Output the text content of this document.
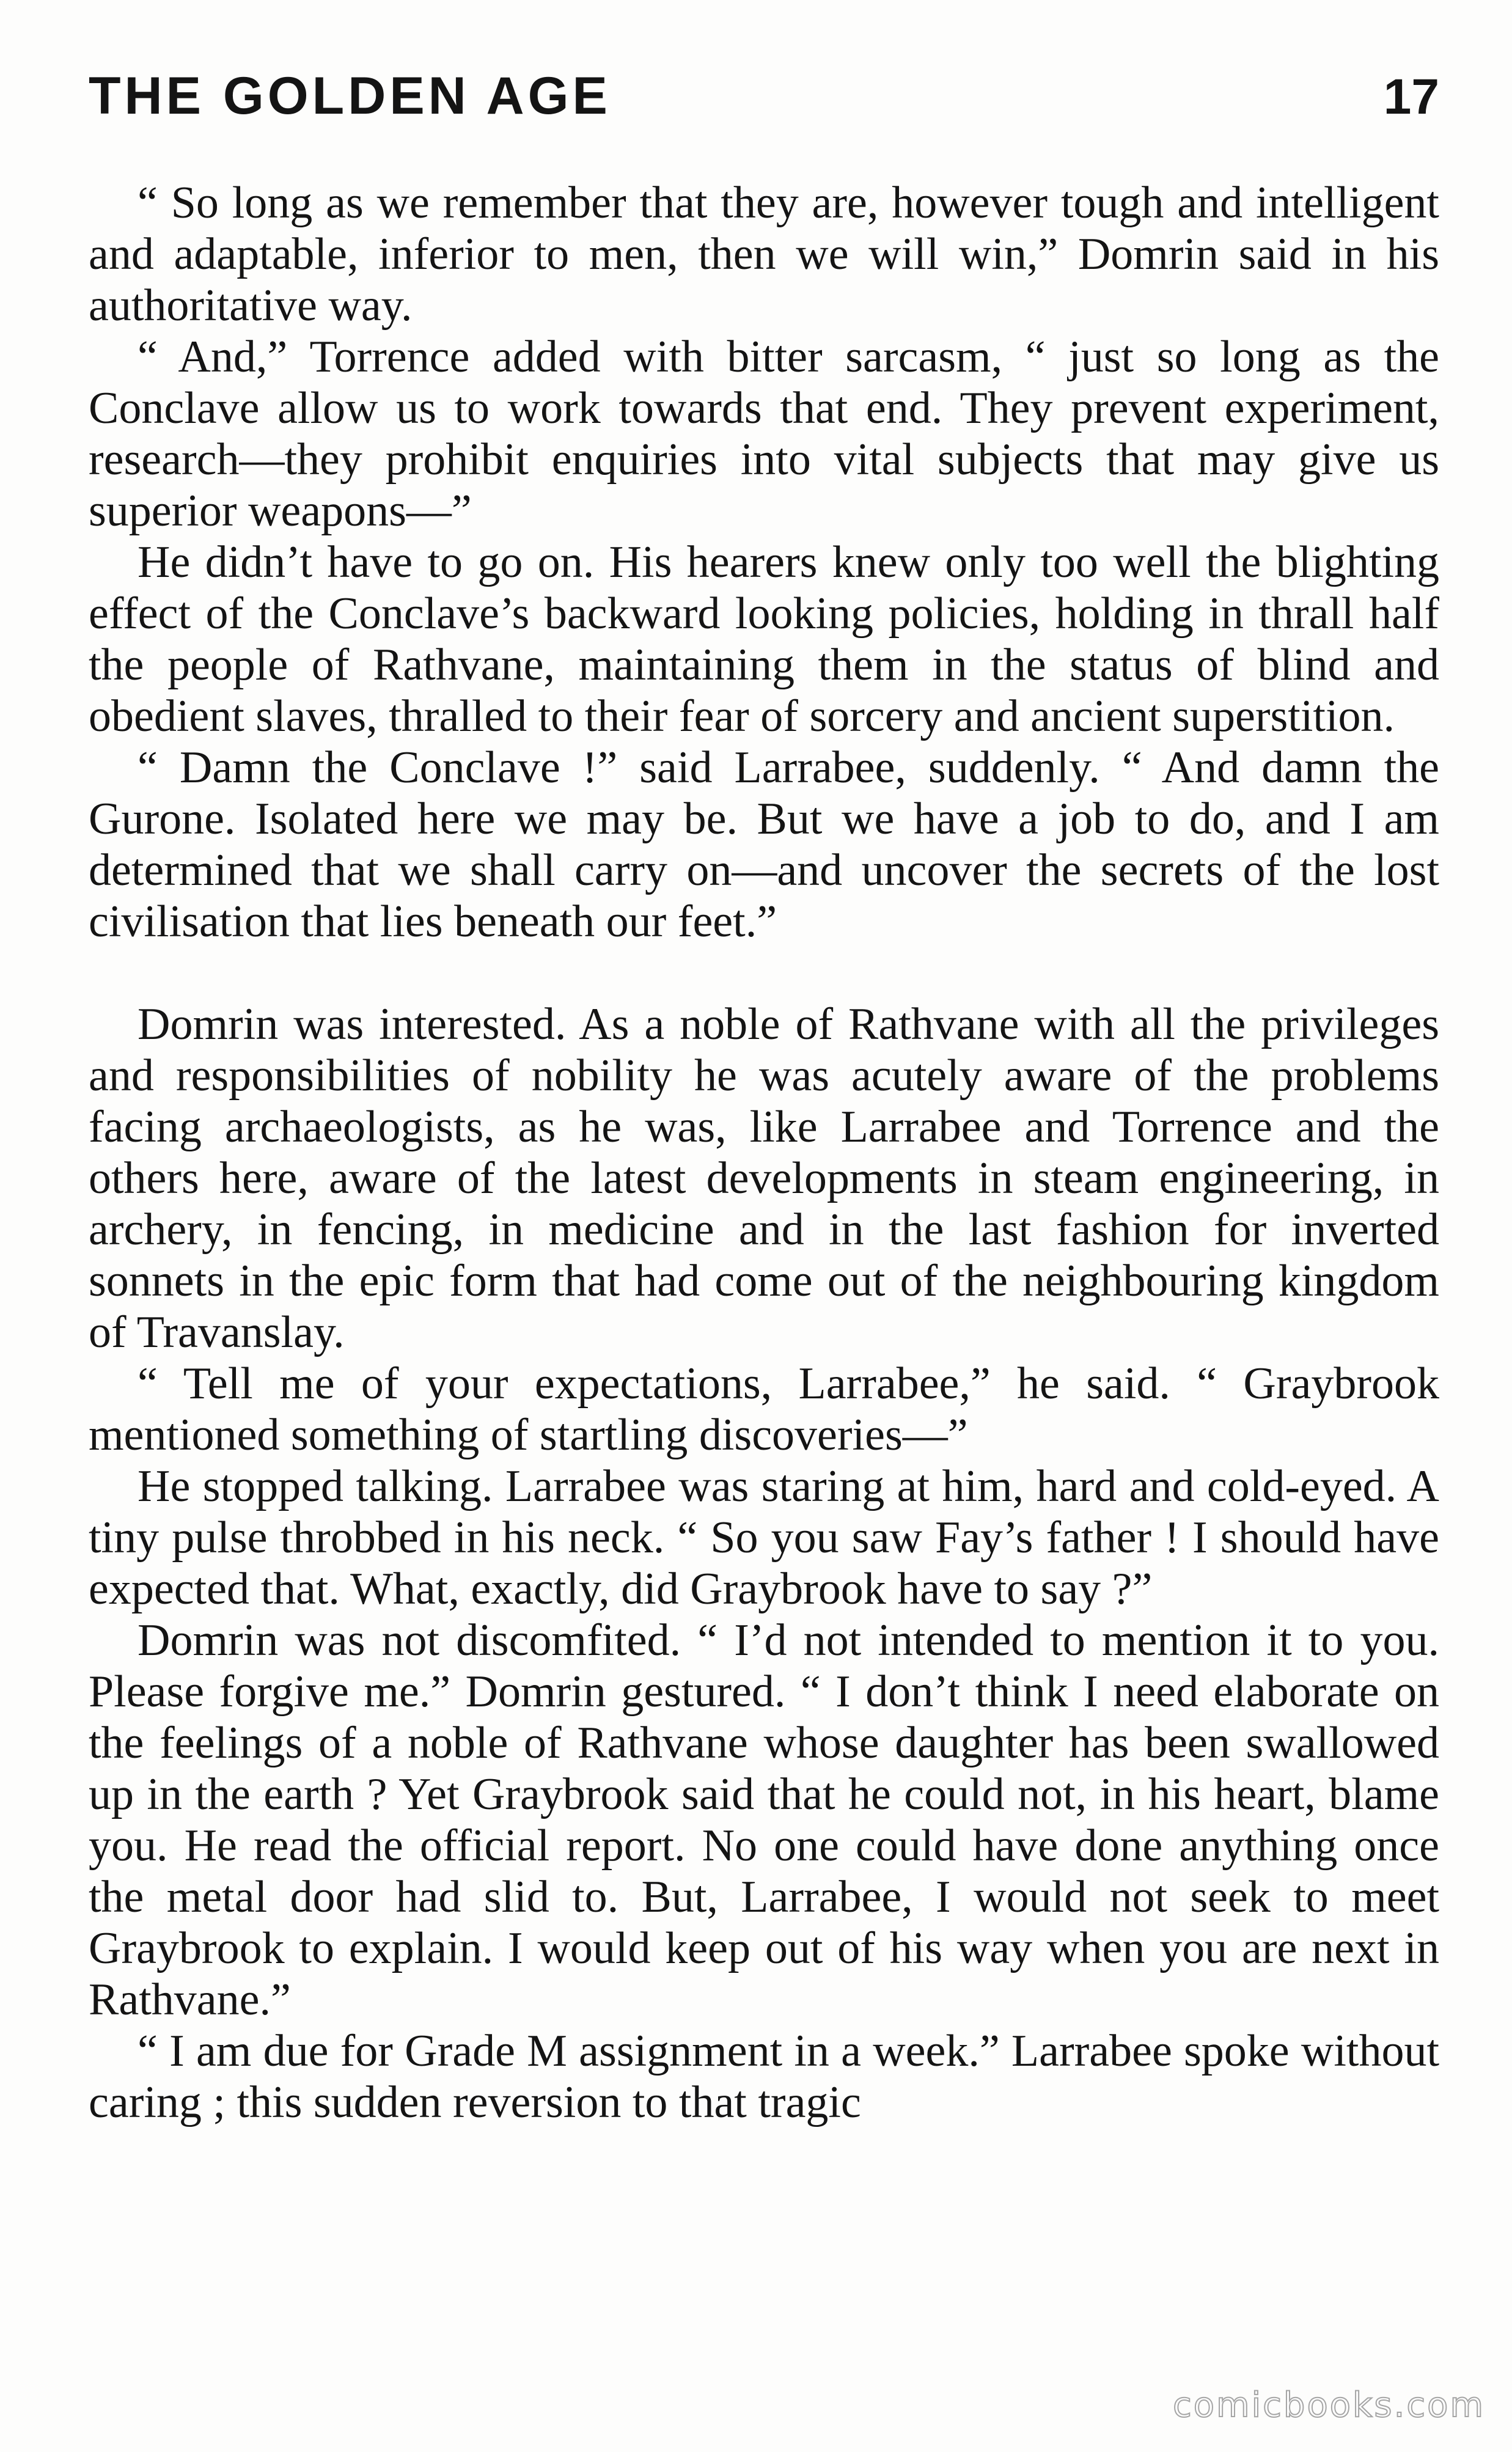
THE GOLDEN AGE	17

“ So long as we remember that they are, however tough and intelligent and adaptable, inferior to men, then we will win,” Domrin said in his authoritative way.

“ And,” Torrence added with bitter sarcasm, “ just so long as the Conclave allow us to work towards that end. They prevent experiment, research—they prohibit enquiries into vital subjects that may give us superior weapons—”

He didn’t have to go on. His hearers knew only too well the blighting effect of the Conclave’s backward looking policies, holding in thrall half the people of Rathvane, maintaining them in the status of blind and obedient slaves, thralled to their fear of sorcery and ancient superstition.

“ Damn the Conclave !” said Larrabee, suddenly. “ And damn the Gurone. Isolated here we may be. But we have a job to do, and I am determined that we shall carry on—and uncover the secrets of the lost civilisation that lies beneath our feet.”

Domrin was interested. As a noble of Rathvane with all the privileges and responsibilities of nobility he was acutely aware of the problems facing archaeologists, as he was, like Larrabee and Torrence and the others here, aware of the latest developments in steam engineering, in archery, in fencing, in medicine and in the last fashion for inverted sonnets in the epic form that had come out of the neighbouring kingdom of Travanslay.

“ Tell me of your expectations, Larrabee,” he said. “ Graybrook mentioned something of startling discoveries—”

He stopped talking. Larrabee was staring at him, hard and cold-eyed. A tiny pulse throbbed in his neck. “ So you saw Fay’s father ! I should have expected that. What, exactly, did Graybrook have to say ?”

Domrin was not discomfited. “ I’d not intended to mention it to you. Please forgive me.” Domrin gestured. “ I don’t think I need elaborate on the feelings of a noble of Rathvane whose daughter has been swallowed up in the earth ? Yet Graybrook said that he could not, in his heart, blame you. He read the official report. No one could have done anything once the metal door had slid to. But, Larrabee, I would not seek to meet Graybrook to explain. I would keep out of his way when you are next in Rathvane.”

“ I am due for Grade M assignment in a week.” Larrabee spoke without caring ; this sudden reversion to that tragic

comicbooks.com
